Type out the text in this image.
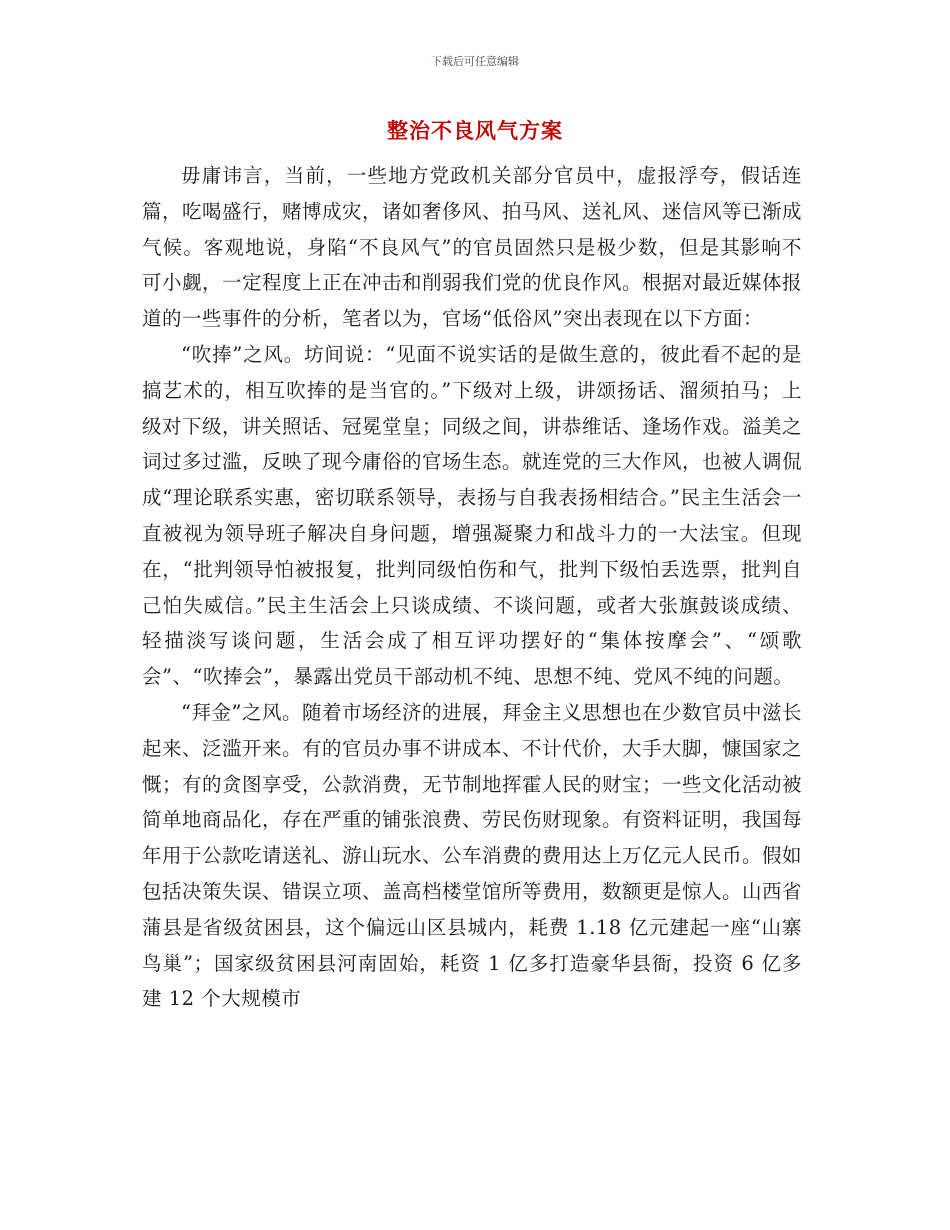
下载后可任意编辑
整治不良风气方案

毋庸讳言，当前，一些地方党政机关部分官员中，虚报浮夸，假话连篇，吃喝盛行，赌博成灾，诸如奢侈风、拍马风、送礼风、迷信风等已渐成气候。客观地说，身陷“不良风气”的官员固然只是极少数，但是其影响不可小觑，一定程度上正在冲击和削弱我们党的优良作风。根据对最近媒体报道的一些事件的分析，笔者以为，官场“低俗风”突出表现在以下方面：

“吹捧”之风。坊间说：“见面不说实话的是做生意的，彼此看不起的是搞艺术的，相互吹捧的是当官的。”下级对上级，讲颂扬话、溜须拍马；上级对下级，讲关照话、冠冕堂皇；同级之间，讲恭维话、逢场作戏。溢美之词过多过滥，反映了现今庸俗的官场生态。就连党的三大作风，也被人调侃成“理论联系实惠，密切联系领导，表扬与自我表扬相结合。”民主生活会一直被视为领导班子解决自身问题，增强凝聚力和战斗力的一大法宝。但现在，“批判领导怕被报复，批判同级怕伤和气，批判下级怕丢选票，批判自己怕失威信。”民主生活会上只谈成绩、不谈问题，或者大张旗鼓谈成绩、轻描淡写谈问题，生活会成了相互评功摆好的“集体按摩会”、“颂歌会”、“吹捧会”，暴露出党员干部动机不纯、思想不纯、党风不纯的问题。

“拜金”之风。随着市场经济的进展，拜金主义思想也在少数官员中滋长起来、泛滥开来。有的官员办事不讲成本、不计代价，大手大脚，慷国家之慨；有的贪图享受，公款消费，无节制地挥霍人民的财宝；一些文化活动被简单地商品化，存在严重的铺张浪费、劳民伤财现象。有资料证明，我国每年用于公款吃请送礼、游山玩水、公车消费的费用达上万亿元人民币。假如包括决策失误、错误立项、盖高档楼堂馆所等费用，数额更是惊人。山西省蒲县是省级贫困县，这个偏远山区县城内，耗费 1.18 亿元建起一座“山寨鸟巢”；国家级贫困县河南固始，耗资 1 亿多打造豪华县衙，投资 6 亿多建 12 个大规模市
